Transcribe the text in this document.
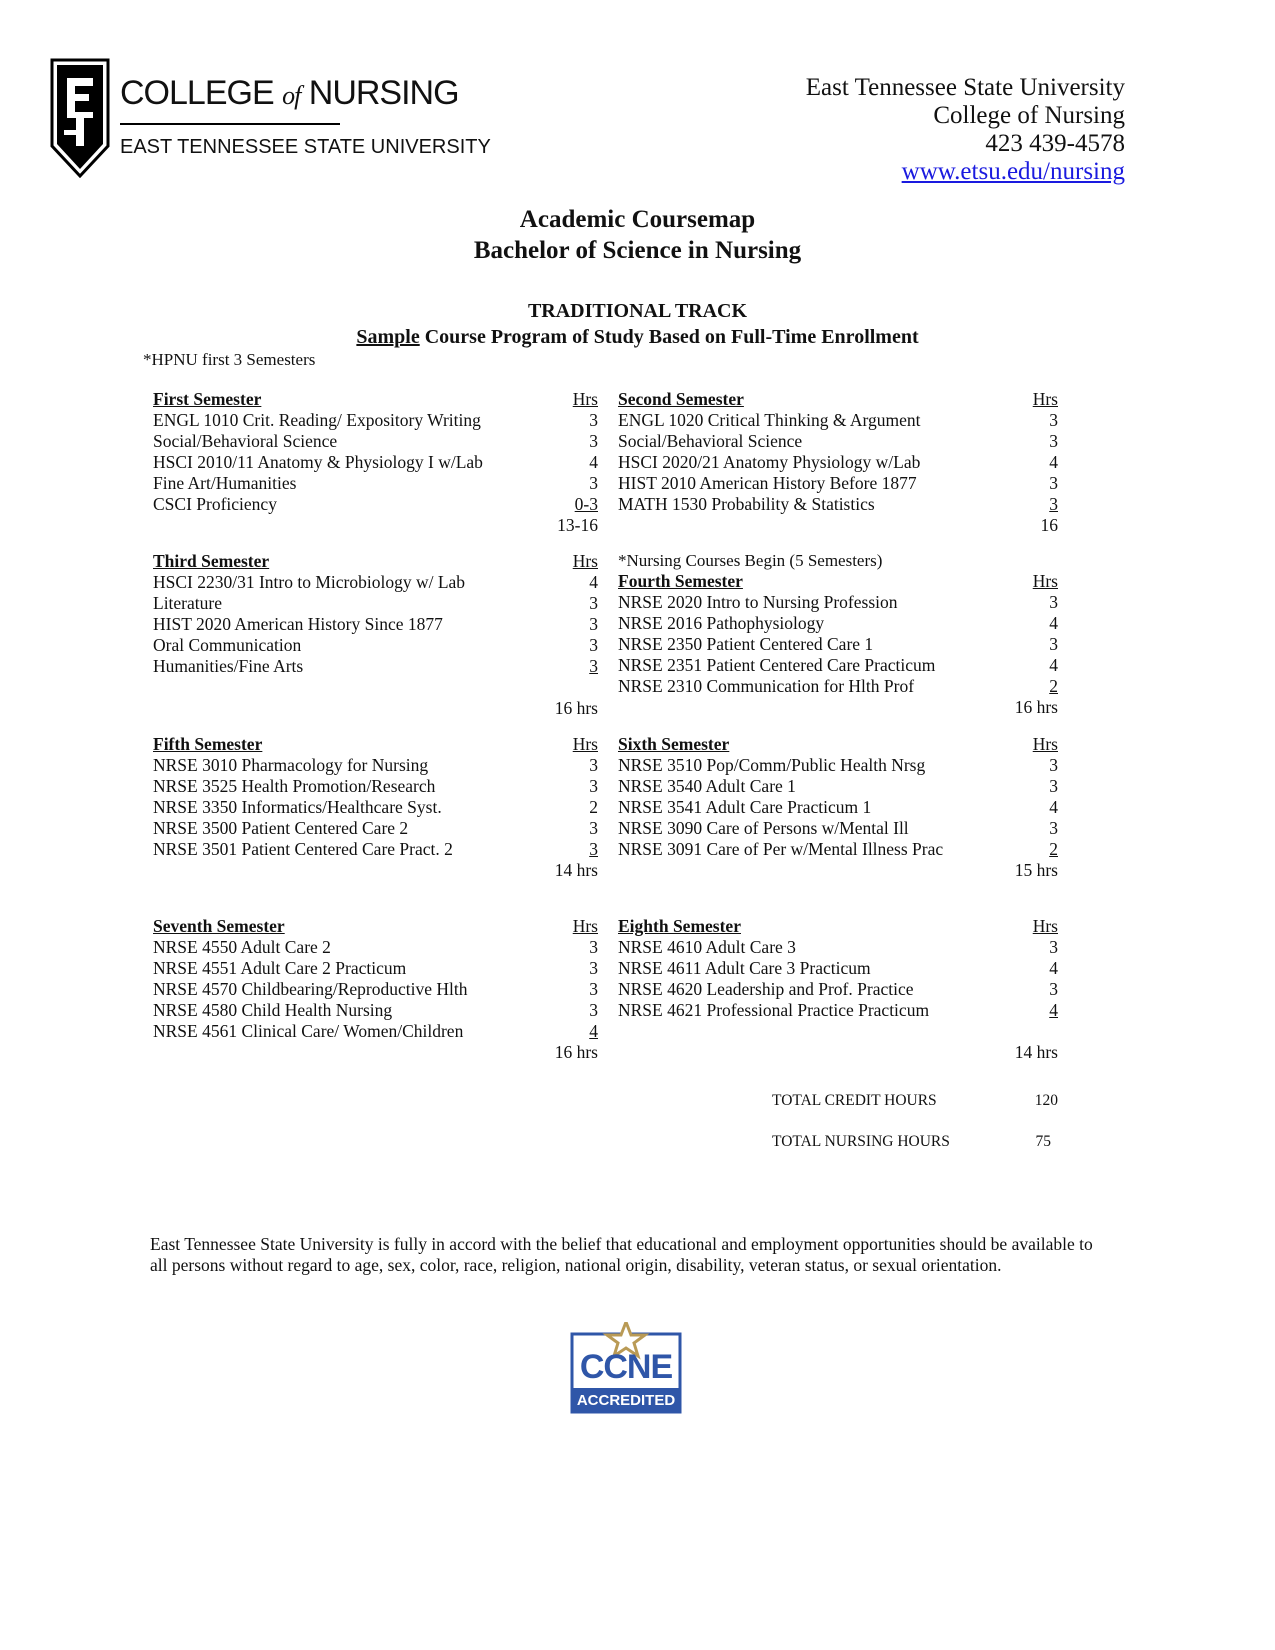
COLLEGE of NURSING
EAST TENNESSEE STATE UNIVERSITY
East Tennessee State University
College of Nursing
423 439-4578
www.etsu.edu/nursing
Academic Coursemap
Bachelor of Science in Nursing
TRADITIONAL TRACK
Sample Course Program of Study Based on Full-Time Enrollment
*HPNU first 3 Semesters
*Nursing Courses Begin (5 Semesters)
First Semester	Hrs
ENGL 1010 Crit. Reading/ Expository Writing	3
Social/Behavioral Science	3
HSCI 2010/11 Anatomy & Physiology I w/Lab	4
Fine Art/Humanities	3
CSCI Proficiency	0-3
13-16
Second Semester	Hrs
ENGL 1020 Critical Thinking & Argument	3
Social/Behavioral Science	3
HSCI 2020/21 Anatomy Physiology w/Lab	4
HIST 2010 American History Before 1877	3
MATH 1530 Probability & Statistics	3
16
Third Semester	Hrs
HSCI 2230/31 Intro to Microbiology w/ Lab	4
Literature	3
HIST 2020 American History Since 1877	3
Oral Communication	3
Humanities/Fine Arts	3
16 hrs
Fourth Semester	Hrs
NRSE 2020 Intro to Nursing Profession	3
NRSE 2016 Pathophysiology	4
NRSE 2350 Patient Centered Care 1	3
NRSE 2351 Patient Centered Care Practicum	4
NRSE 2310 Communication for Hlth Prof	2
16 hrs
Fifth Semester	Hrs
NRSE 3010 Pharmacology for Nursing	3
NRSE 3525 Health Promotion/Research	3
NRSE 3350 Informatics/Healthcare Syst.	2
NRSE 3500 Patient Centered Care 2	3
NRSE 3501 Patient Centered Care Pract. 2	3
14 hrs
Sixth Semester	Hrs
NRSE 3510 Pop/Comm/Public Health Nrsg	3
NRSE 3540 Adult Care 1	3
NRSE 3541 Adult Care Practicum 1	4
NRSE 3090 Care of Persons w/Mental Ill	3
NRSE 3091 Care of Per w/Mental Illness Prac	2
15 hrs
Seventh Semester	Hrs
NRSE 4550 Adult Care 2	3
NRSE 4551 Adult Care 2 Practicum	3
NRSE 4570 Childbearing/Reproductive Hlth	3
NRSE 4580 Child Health Nursing	3
NRSE 4561 Clinical Care/ Women/Children	4
16 hrs
Eighth Semester	Hrs
NRSE 4610 Adult Care 3	3
NRSE 4611 Adult Care 3 Practicum	4
NRSE 4620 Leadership and Prof. Practice	3
NRSE 4621 Professional Practice Practicum	4
14 hrs
TOTAL CREDIT HOURS	120
TOTAL NURSING HOURS	75
East Tennessee State University is fully in accord with the belief that educational and employment opportunities should be available to all persons without regard to age, sex, color, race, religion, national origin, disability, veteran status, or sexual orientation.
CCNE
ACCREDITED
